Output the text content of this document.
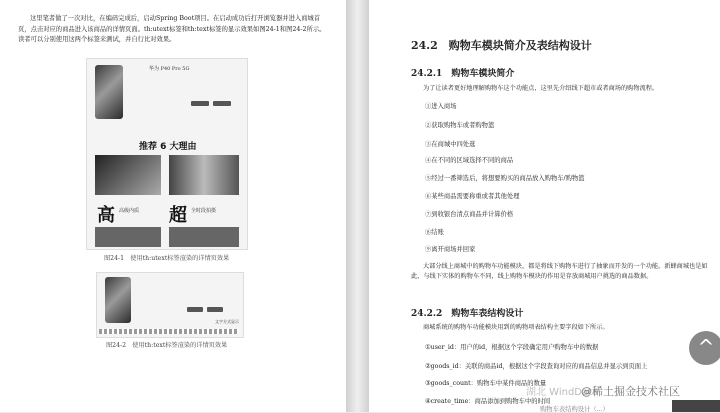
这里笔者做了一次对比，在编码完成后，启动Spring Boot项目。在启动成功后打开浏览器并进入商城首页，点击对应的商品进入该商品的详情页面。th:utext标签和th:text标签的显示效果如图24-1和图24-2所示。读者可以分别使用这两个标签来测试，并自行比对效果。
华为 P40 Pro 5G
推荐 6 大理由
高 高级内质 超 全时段拍摄
图24-1　使用th:utext标签渲染的详情页效果
文字方式显示
图24-2　使用th:text标签渲染的详情页效果
24.2　购物车模块简介及表结构设计
24.2.1　购物车模块简介
为了让读者更好地理解购物车这个功能点，这里先介绍线下超市或者商场的购物流程。
①进入商场
②获取购物车或者购物篮
③在商城中四处逛
④在不同的区域选择不同的商品
⑤经过一番筛选后，将想要购买的商品放入购物车/购物篮
⑥某些商品需要称重或者其他处理
⑦到收银台清点商品并计算价格
⑧结账
⑨离开商场并回家
大部分线上商城中的购物车功能模块，都是将线下购物车进行了抽象而开发的一个功能。新蜂商城也是如此，与线下实体的购物车不同，线上购物车模块的作用是存放商城用户挑选的商品数据。
24.2.2　购物车表结构设计
商城系统的购物车功能模块用到的购物项表结构主要字段如下所示。
①user_id：用户的id，根据这个字段确定用户购物车中的数据
②goods_id：关联的商品id，根据这个字段查询对应的商品信息并显示到页面上
③goods_count：购物车中某件商品的数量
④create_time：商品添加到购物车中的时间
湖北 WindData
@稀土掘金技术社区
购物车表结构设计（...）
^
